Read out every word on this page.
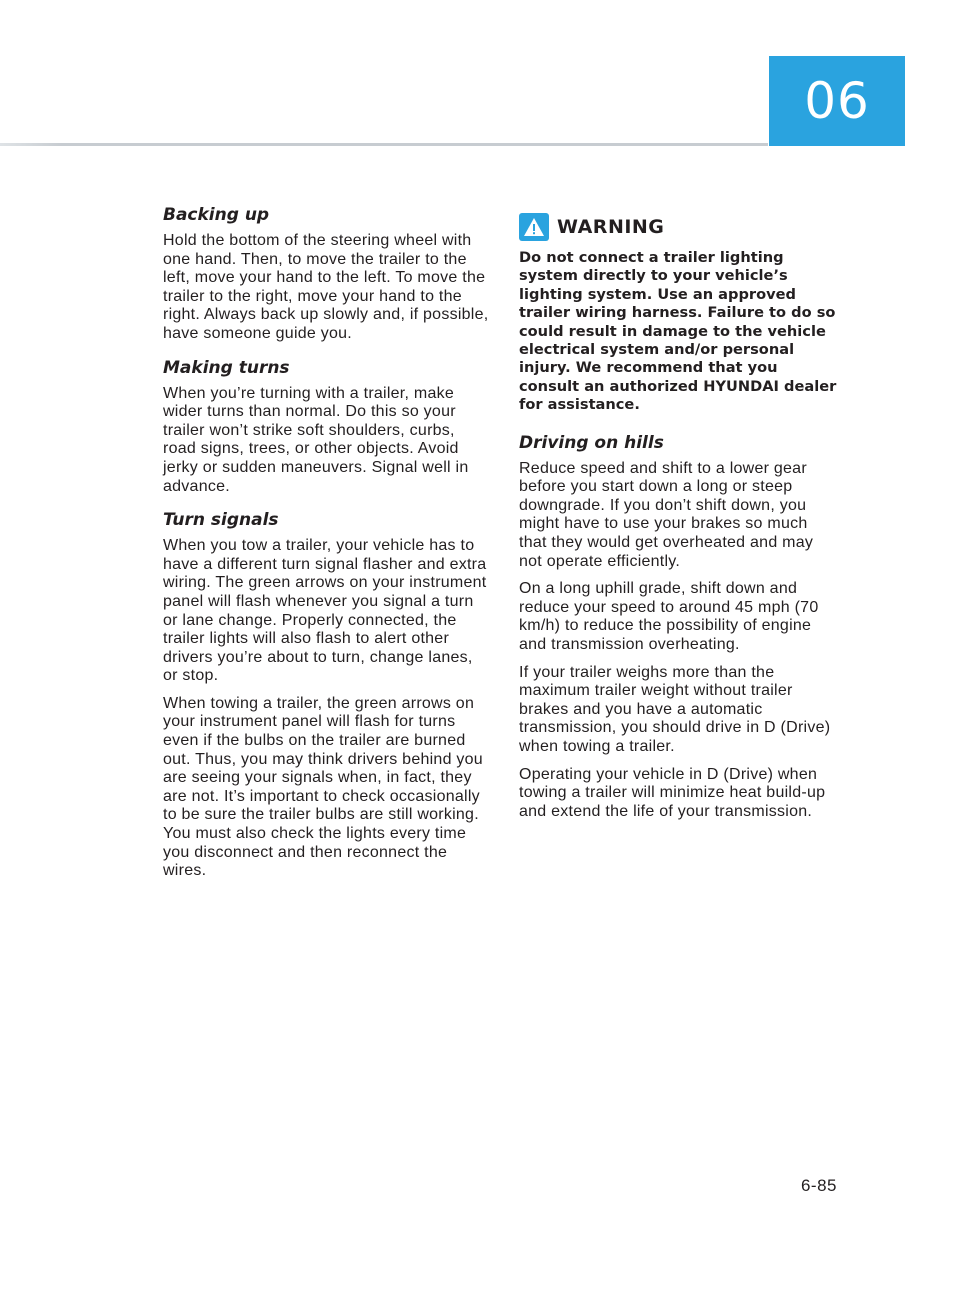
06
Backing up

Hold the bottom of the steering wheel with one hand. Then, to move the trailer to the left, move your hand to the left. To move the trailer to the right, move your hand to the right. Always back up slowly and, if possible, have someone guide you.

Making turns

When you’re turning with a trailer, make wider turns than normal. Do this so your trailer won’t strike soft shoulders, curbs, road signs, trees, or other objects. Avoid jerky or sudden maneuvers. Signal well in advance.

Turn signals

When you tow a trailer, your vehicle has to have a different turn signal flasher and extra wiring. The green arrows on your instrument panel will flash whenever you signal a turn or lane change. Properly connected, the trailer lights will also flash to alert other drivers you’re about to turn, change lanes, or stop.

When towing a trailer, the green arrows on your instrument panel will flash for turns even if the bulbs on the trailer are burned out. Thus, you may think drivers behind you are seeing your signals when, in fact, they are not. It’s important to check occasionally to be sure the trailer bulbs are still working. You must also check the lights every time you disconnect and then reconnect the wires.

WARNING
Do not connect a trailer lighting system directly to your vehicle’s lighting system. Use an approved trailer wiring harness. Failure to do so could result in damage to the vehicle electrical system and/or personal injury. We recommend that you consult an authorized HYUNDAI dealer for assistance.
Driving on hills

Reduce speed and shift to a lower gear before you start down a long or steep downgrade. If you don’t shift down, you might have to use your brakes so much that they would get overheated and may not operate efficiently.

On a long uphill grade, shift down and reduce your speed to around 45 mph (70 km/h) to reduce the possibility of engine and transmission overheating.

If your trailer weighs more than the maximum trailer weight without trailer brakes and you have a automatic transmission, you should drive in D (Drive) when towing a trailer.

Operating your vehicle in D (Drive) when towing a trailer will minimize heat build-up and extend the life of your transmission.

6-85
